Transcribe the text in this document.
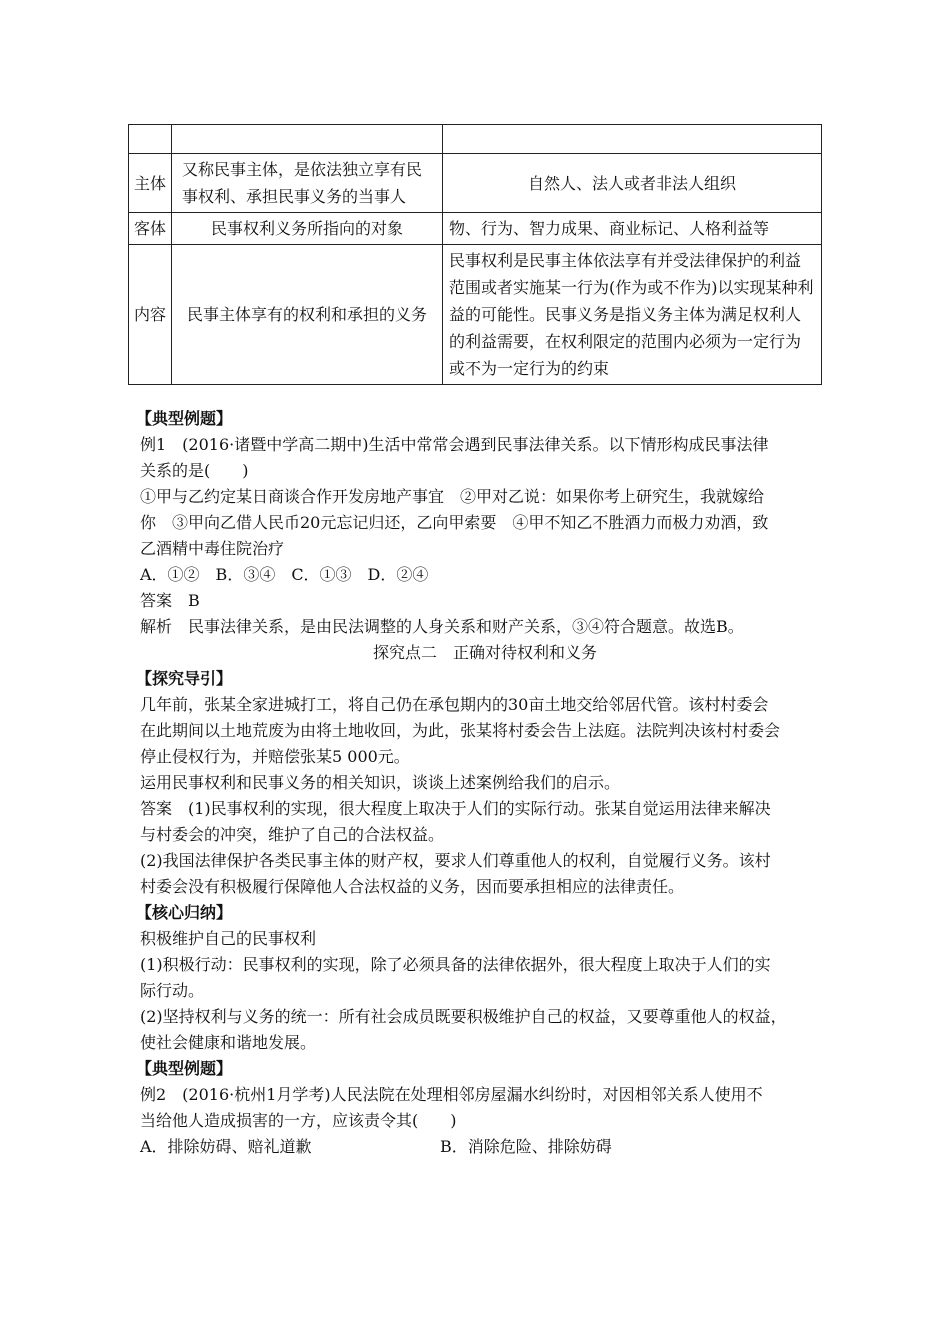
主体	又称民事主体，是依法独立享有民事权利、承担民事义务的当事人	自然人、法人或者非法人组织
客体	民事权利义务所指向的对象	物、行为、智力成果、商业标记、人格利益等
内容	民事主体享有的权利和承担的义务	民事权利是民事主体依法享有并受法律保护的利益范围或者实施某一行为(作为或不作为)以实现某种利益的可能性。民事义务是指义务主体为满足权利人的利益需要，在权利限定的范围内必须为一定行为或不为一定行为的约束
【典型例题】
例1　(2016·诸暨中学高二期中)生活中常常会遇到民事法律关系。以下情形构成民事法律
关系的是(　　)
①甲与乙约定某日商谈合作开发房地产事宜　②甲对乙说：如果你考上研究生，我就嫁给
你　③甲向乙借人民币20元忘记归还，乙向甲索要　④甲不知乙不胜酒力而极力劝酒，致
乙酒精中毒住院治疗
A．①②　B．③④　C．①③　D．②④
答案　B
解析　民事法律关系，是由民法调整的人身关系和财产关系，③④符合题意。故选B。
探究点二　正确对待权利和义务
【探究导引】
几年前，张某全家进城打工，将自己仍在承包期内的30亩土地交给邻居代管。该村村委会
在此期间以土地荒废为由将土地收回，为此，张某将村委会告上法庭。法院判决该村村委会
停止侵权行为，并赔偿张某5 000元。
运用民事权利和民事义务的相关知识，谈谈上述案例给我们的启示。
答案　(1)民事权利的实现，很大程度上取决于人们的实际行动。张某自觉运用法律来解决
与村委会的冲突，维护了自己的合法权益。
(2)我国法律保护各类民事主体的财产权，要求人们尊重他人的权利，自觉履行义务。该村
村委会没有积极履行保障他人合法权益的义务，因而要承担相应的法律责任。
【核心归纳】
积极维护自己的民事权利
(1)积极行动：民事权利的实现，除了必须具备的法律依据外，很大程度上取决于人们的实
际行动。
(2)坚持权利与义务的统一：所有社会成员既要积极维护自己的权益，又要尊重他人的权益，
使社会健康和谐地发展。
【典型例题】
例2　(2016·杭州1月学考)人民法院在处理相邻房屋漏水纠纷时，对因相邻关系人使用不
当给他人造成损害的一方，应该责令其(　　)
A．排除妨碍、赔礼道歉	B．消除危险、排除妨碍
